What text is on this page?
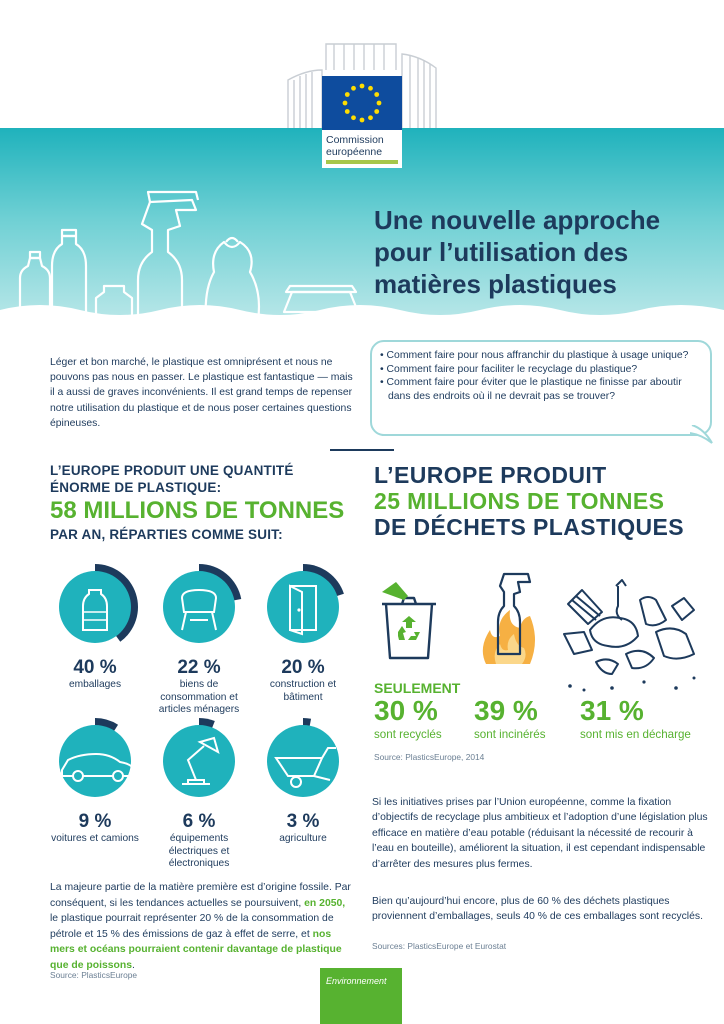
Commission
européenne
Une nouvelle approche
pour l’utilisation des
matières plastiques
Léger et bon marché, le plastique est omniprésent et nous ne pouvons pas nous en passer. Le plastique est fantastique — mais il a aussi de graves inconvénients. Il est grand temps de repenser notre utilisation du plastique et de nous poser certaines questions épineuses.
• Comment faire pour nous affranchir du plastique à usage unique?
• Comment faire pour faciliter le recyclage du plastique?
• Comment faire pour éviter que le plastique ne finisse par aboutir dans des endroits où il ne devrait pas se trouver?
L’EUROPE PRODUIT UNE QUANTITÉ
ÉNORME DE PLASTIQUE:
58 MILLIONS DE TONNES
PAR AN, RÉPARTIES COMME SUIT:
L’EUROPE PRODUIT
25 MILLIONS DE TONNES
DE DÉCHETS PLASTIQUES
40 %
emballages
22 %
biens de consommation et articles ménagers
20 %
construction et bâtiment
9 %
voitures et camions
6 %
équipements électriques et électroniques
3 %
agriculture
La majeure partie de la matière première est d’origine fossile. Par conséquent, si les tendances actuelles se poursuivent, en 2050, le plastique pourrait représenter 20 % de la consommation de pétrole et 15 % des émissions de gaz à effet de serre, et nos mers et océans pourraient contenir davantage de plastique que de poissons.
Source: PlasticsEurope
SEULEMENT
30 %
sont recyclés
39 %
sont incinérés
31 %
sont mis en décharge
Source: PlasticsEurope, 2014
Si les initiatives prises par l’Union européenne, comme la fixation d’objectifs de recyclage plus ambitieux et l’adoption d’une législation plus efficace en matière d’eau potable (réduisant la nécessité de recourir à l’eau en bouteille), améliorent la situation, il est cependant indispensable d’arrêter des mesures plus fermes.
Bien qu’aujourd’hui encore, plus de 60 % des déchets plastiques proviennent d’emballages, seuls 40 % de ces emballages sont recyclés.
Sources: PlasticsEurope et Eurostat
Environnement
